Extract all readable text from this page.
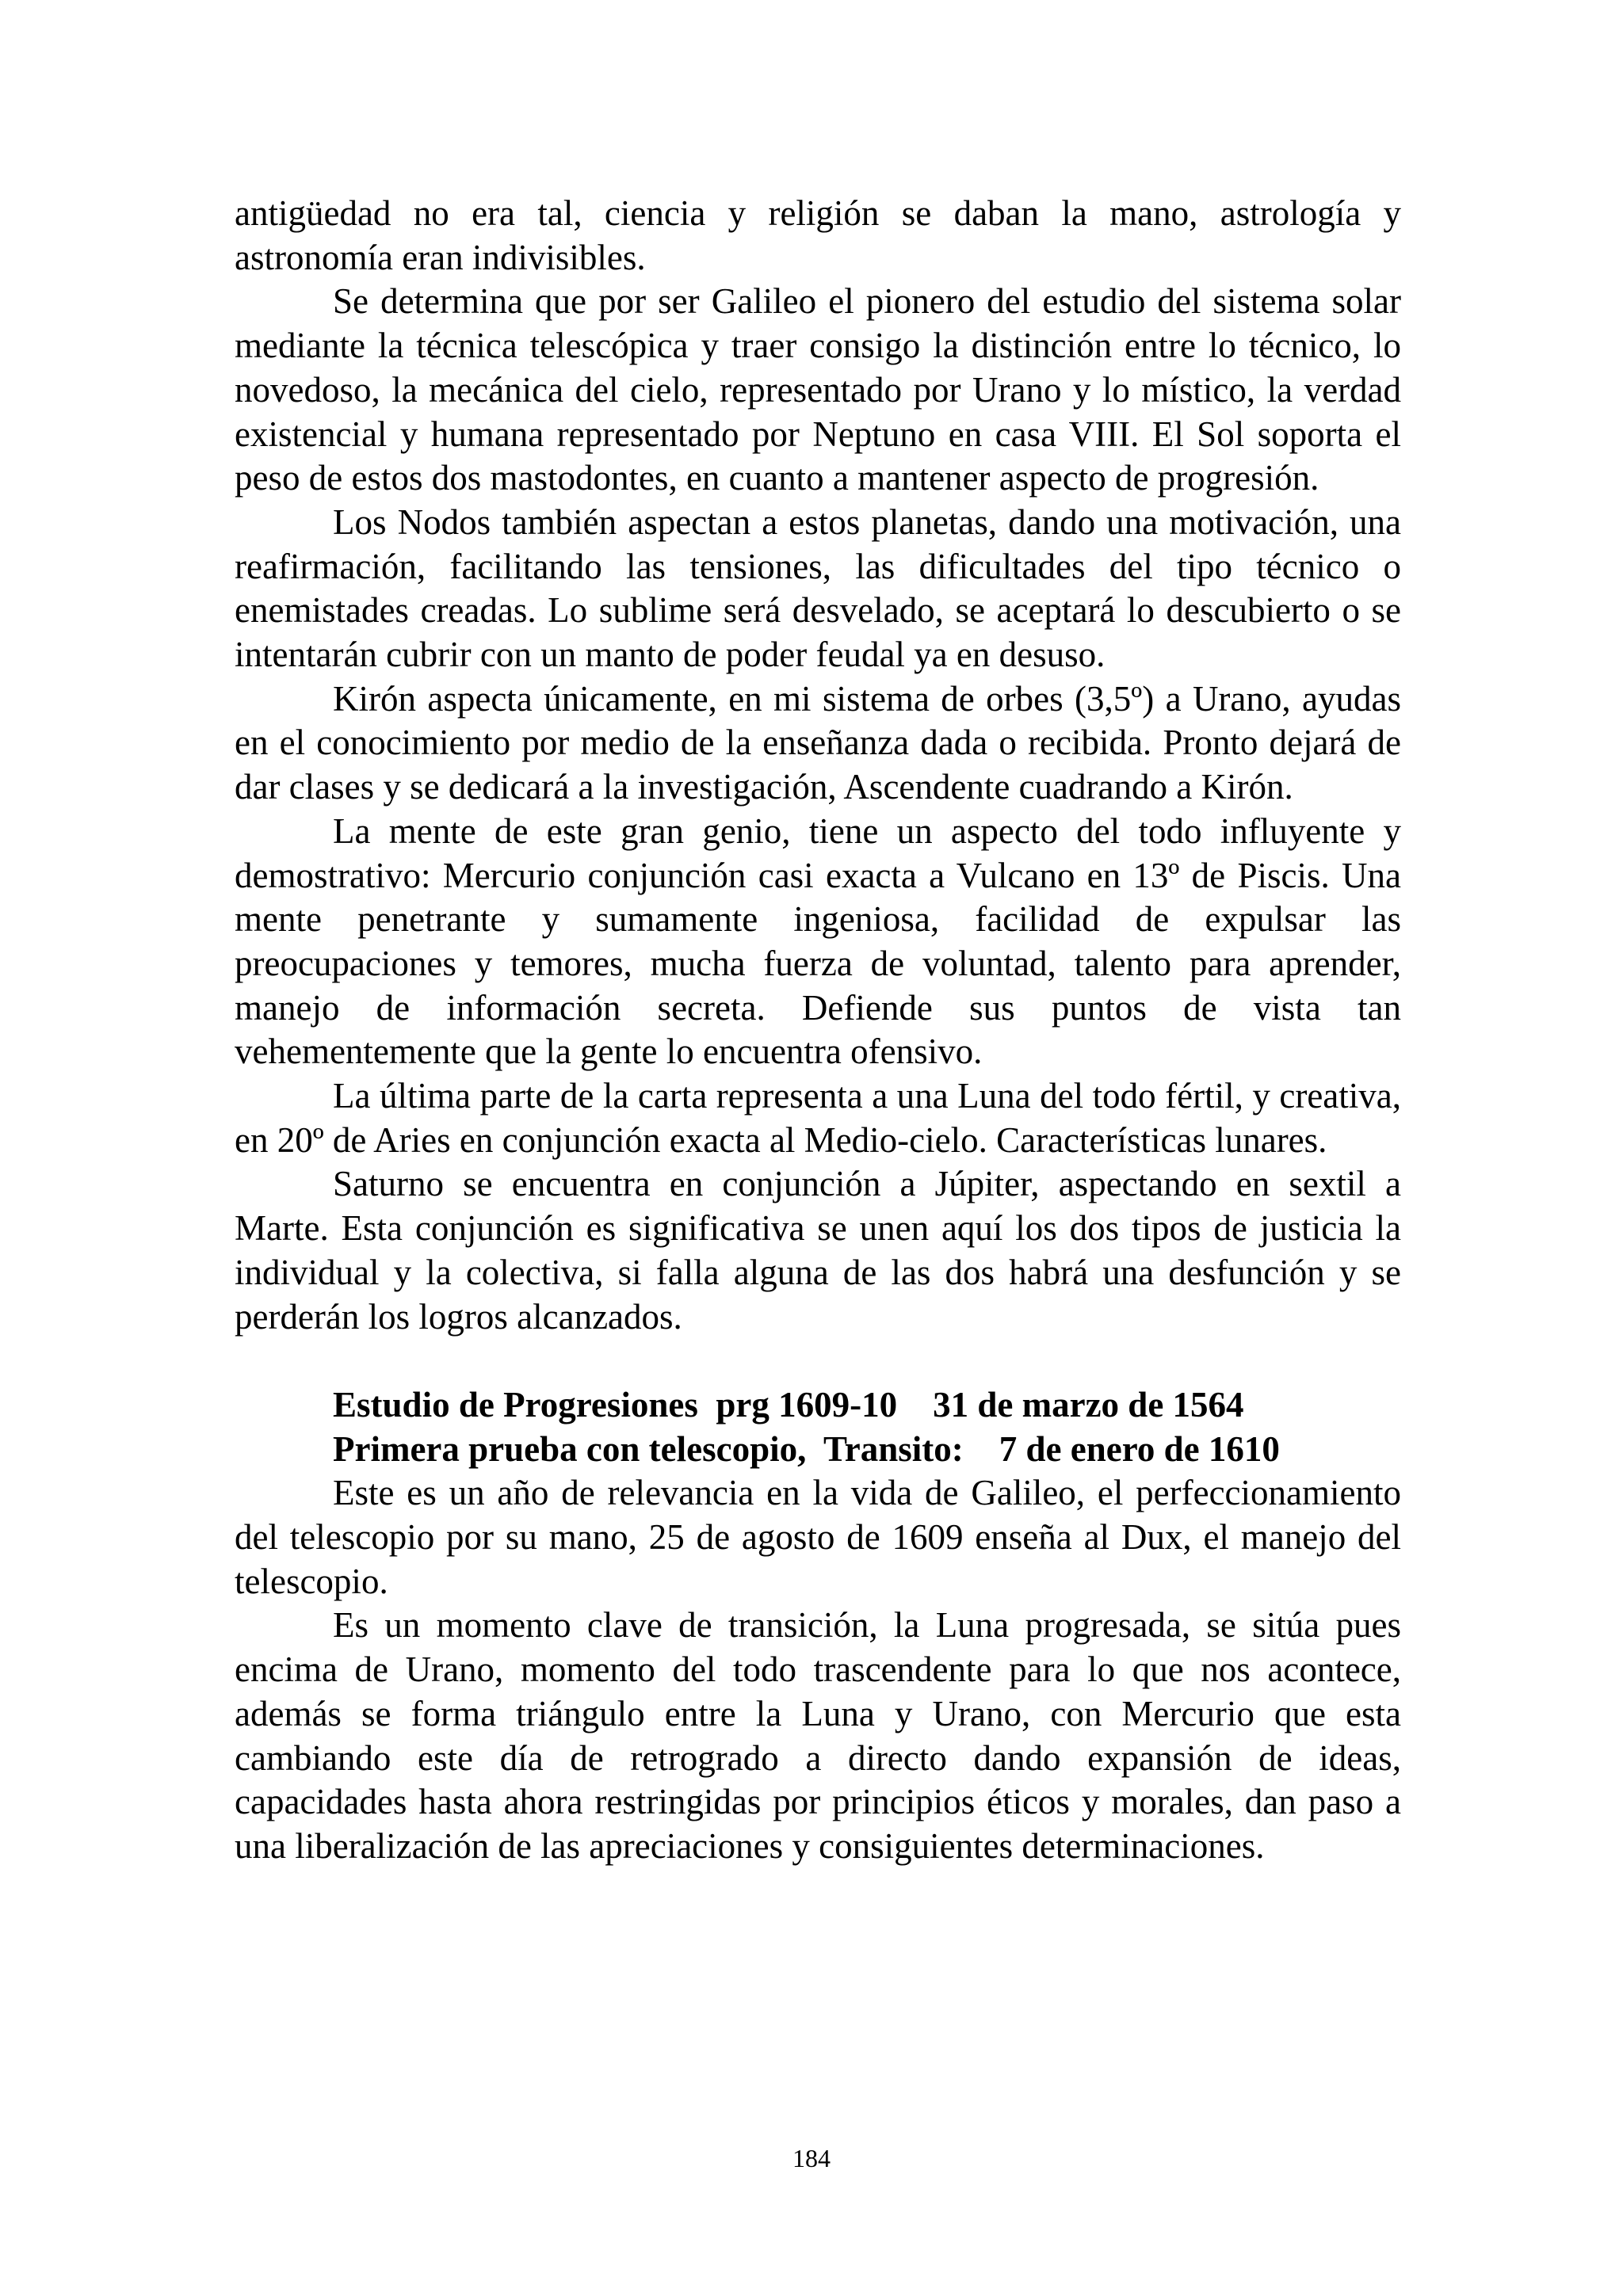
antigüedad no era tal, ciencia y religión se daban la mano, astrología y astronomía eran indivisibles.

Se determina que por ser Galileo el pionero del estudio del sistema solar mediante la técnica telescópica y traer consigo la distinción entre lo técnico, lo novedoso, la mecánica del cielo, representado por Urano y lo místico, la verdad existencial y humana representado por Neptuno en casa VIII. El Sol soporta el peso de estos dos mastodontes, en cuanto a mantener aspecto de progresión.

Los Nodos también aspectan a estos planetas, dando una motivación, una reafirmación, facilitando las tensiones, las dificultades del tipo técnico o enemistades creadas. Lo sublime será desvelado, se aceptará lo descubierto o se intentarán cubrir con un manto de poder feudal ya en desuso.

Kirón aspecta únicamente, en mi sistema de orbes (3,5º) a Urano, ayudas en el conocimiento por medio de la enseñanza dada o recibida. Pronto dejará de dar clases y se dedicará a la investigación, Ascendente cuadrando a Kirón.

La mente de este gran genio, tiene un aspecto del todo influyente y demostrativo: Mercurio conjunción casi exacta a Vulcano en 13º de Piscis. Una mente penetrante y sumamente ingeniosa, facilidad de expulsar las preocupaciones y temores, mucha fuerza de voluntad, talento para aprender, manejo de información secreta. Defiende sus puntos de vista tan vehementemente que la gente lo encuentra ofensivo.

La última parte de la carta representa a una Luna del todo fértil, y creativa, en 20º de Aries en conjunción exacta al Medio-cielo. Características lunares.

Saturno se encuentra en conjunción a Júpiter, aspectando en sextil a Marte. Esta conjunción es significativa se unen aquí los dos tipos de justicia la individual y la colectiva, si falla alguna de las dos habrá una desfunción y se perderán los logros alcanzados.

Estudio de Progresiones  prg 1609-10    31 de marzo de 1564

Primera prueba con telescopio,  Transito:    7 de enero de 1610

Este es un año de relevancia en la vida de Galileo, el perfeccionamiento del telescopio por su mano, 25 de agosto de 1609 enseña al Dux, el manejo del telescopio.

Es un momento clave de transición, la Luna progresada, se sitúa pues encima de Urano, momento del todo trascendente para lo que nos acontece, además se forma triángulo entre la Luna y Urano, con Mercurio que esta cambiando este día de retrogrado a directo dando expansión de ideas, capacidades hasta ahora restringidas por principios éticos y morales, dan paso a una liberalización de las apreciaciones y consiguientes determinaciones.

184
